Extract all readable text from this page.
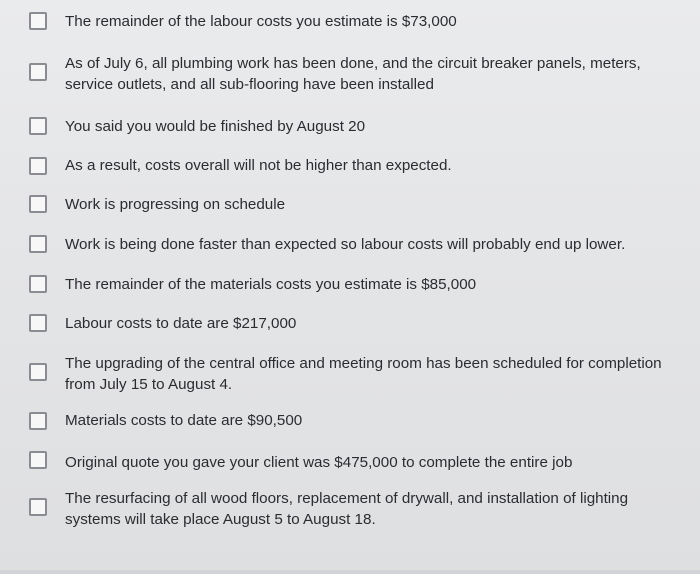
The remainder of the labour costs you estimate is $73,000
As of July 6, all plumbing work has been done, and the circuit breaker panels, meters, service outlets, and all sub-flooring have been installed
You said you would be finished by August 20
As a result, costs overall will not be higher than expected.
Work is progressing on schedule
Work is being done faster than expected so labour costs will probably end up lower.
The remainder of the materials costs you estimate is $85,000
Labour costs to date are $217,000
The upgrading of the central office and meeting room has been scheduled for completion from July 15 to August 4.
Materials costs to date are $90,500
Original quote you gave your client was $475,000 to complete the entire job
The resurfacing of all wood floors, replacement of drywall, and installation of lighting systems will take place August 5 to August 18.
